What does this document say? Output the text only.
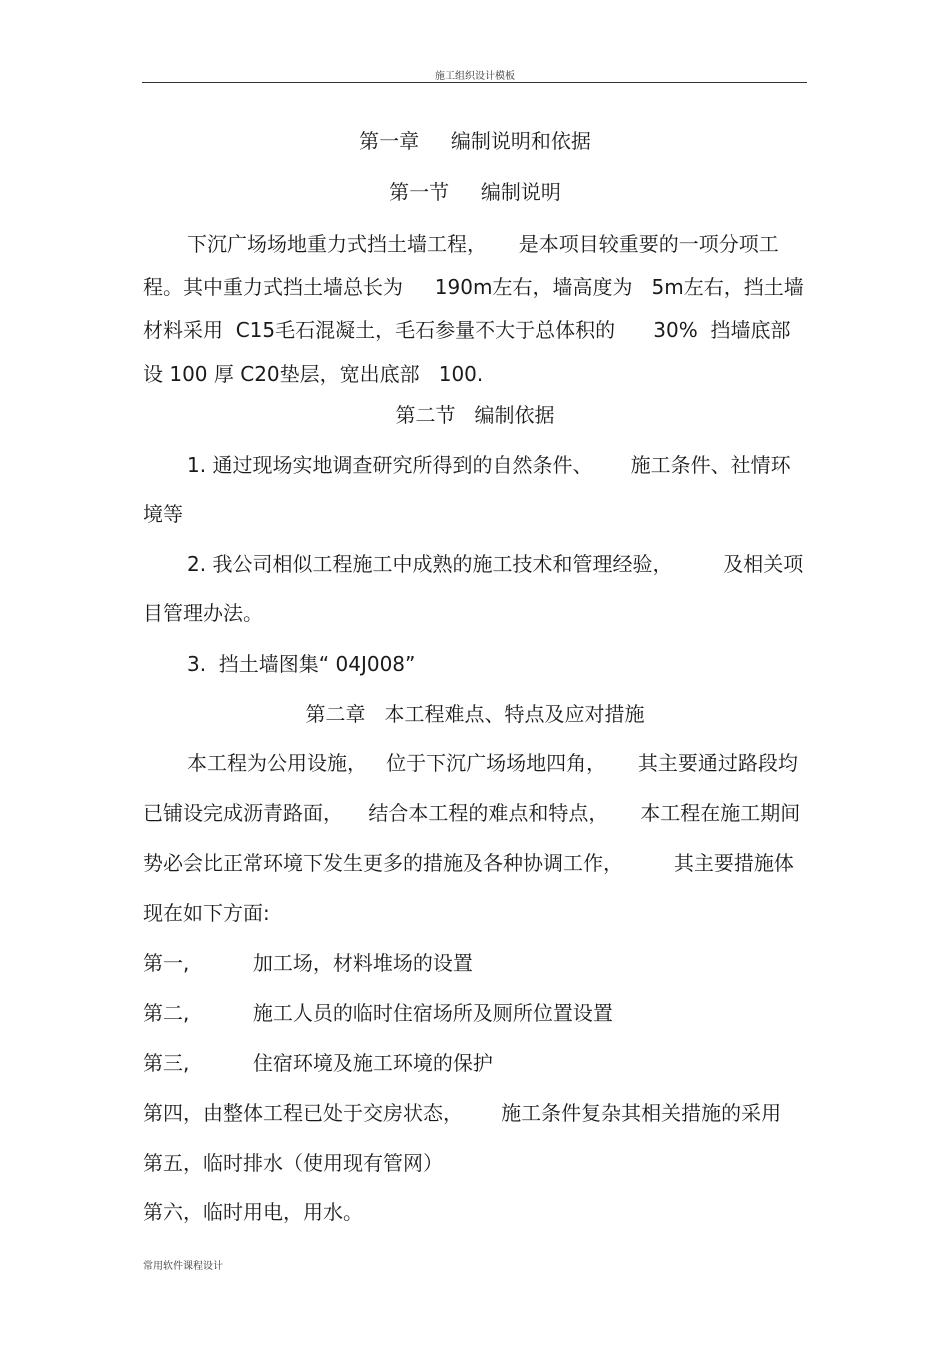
施工组织设计模板
第一章     编制说明和依据
第一节     编制说明
下沉广场场地重力式挡土墙工程，     是本项目较重要的一项分项工
程。其中重力式挡土墙总长为     190m左右，墙高度为   5m左右，挡土墙
材料采用  C15毛石混凝土，毛石参量不大于总体积的      30%  挡墙底部
设 100 厚 C20垫层，宽出底部   100.
第二节   编制依据
1. 通过现场实地调查研究所得到的自然条件、      施工条件、社情环
境等
2. 我公司相似工程施工中成熟的施工技术和管理经验，        及相关项
目管理办法。
3.  挡土墙图集“ 04J008”
第二章   本工程难点、特点及应对措施
本工程为公用设施，   位于下沉广场场地四角，     其主要通过路段均
已铺设完成沥青路面，    结合本工程的难点和特点，     本工程在施工期间
势必会比正常环境下发生更多的措施及各种协调工作，        其主要措施体
现在如下方面:
第一,          加工场，材料堆场的设置
第二,          施工人员的临时住宿场所及厕所位置设置
第三,          住宿环境及施工环境的保护
第四，由整体工程已处于交房状态，      施工条件复杂其相关措施的采用
第五，临时排水（使用现有管网）
第六，临时用电，用水。
常用软件课程设计
